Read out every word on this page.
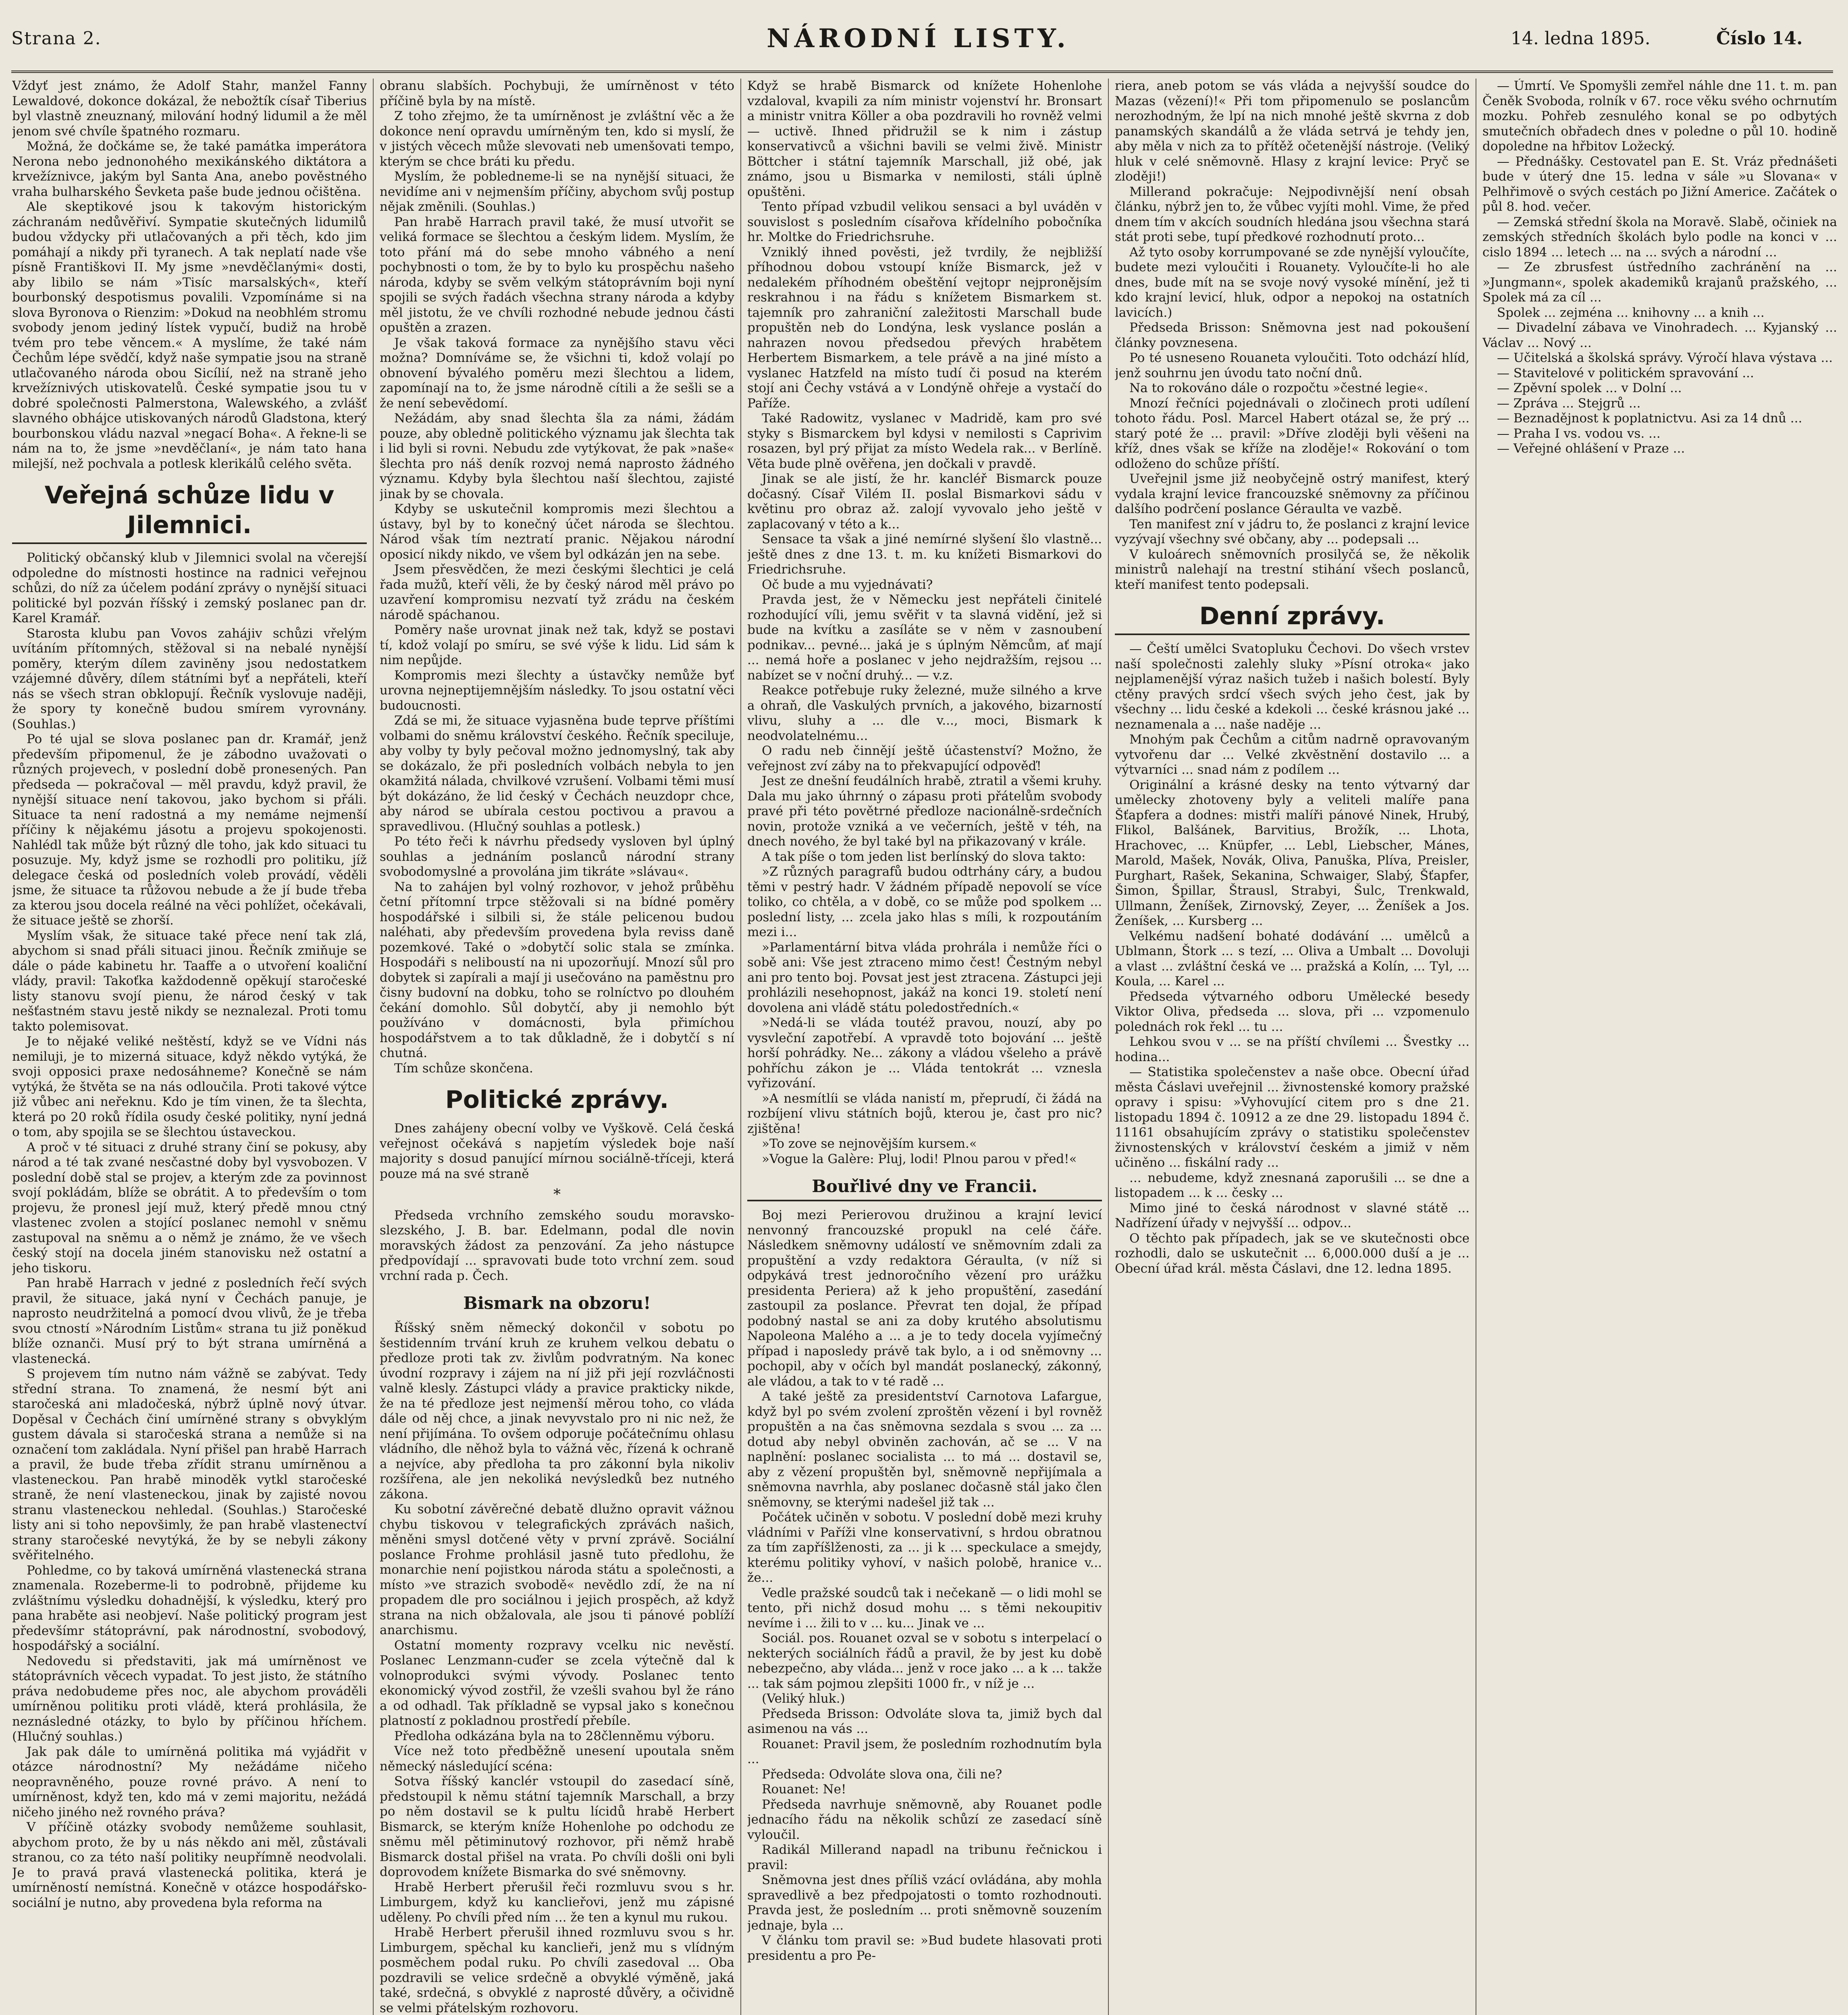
Strana 2.	NÁRODNÍ LISTY.	14. ledna 1895.	Číslo 14.

Vždyť jest známo, že Adolf Stahr, manžel Fanny Lewaldové, dokonce dokázal, že nebožtík císař Tiberius byl vlastně zneuznaný, milování hodný lidumil a že měl jenom své chvíle špatného rozmaru.

Možná, že dočkáme se, že také památka imperátora Nerona nebo jednonohého mexikánského diktátora a krvežíznivce, jakým byl Santa Ana, anebo pověstného vraha bulharského Ševketa paše bude jednou očištěna.

Ale skeptikové jsou k takovým historickým záchranám nedůvěřiví. Sympatie skutečných lidumilů budou vždycky při utlačovaných a při těch, kdo jim pomáhají a nikdy při tyranech. A tak neplatí nade vše písně Františkovi II. My jsme »nevděčlanými« dosti, aby libilo se nám »Tisíc marsalských«, kteří bourbonský despotismus povalili. Vzpomínáme si na slova Byronova o Rienzim: »Dokud na neobhlém stromu svobody jenom jediný lístek vypučí, budiž na hrobě tvém pro tebe věncem.« A myslíme, že také nám Čechům lépe svědčí, když naše sympatie jsou na straně utlačovaného národa obou Sicílií, než na straně jeho krvežíznivých utiskovatelů. České sympatie jsou tu v dobré společnosti Palmerstona, Walewského, a zvlášť slavného obhájce utiskovaných národů Gladstona, který bourbonskou vládu nazval »negací Boha«. A řekne-li se nám na to, že jsme »nevděčlaní«, je nám tato hana milejší, než pochvala a potlesk klerikálů celého světa.

Veřejná schůze lidu v Jilemnici.

Politický občanský klub v Jilemnici svolal na včerejší odpoledne do místnosti hostince na radnici veřejnou schůzi, do níž za účelem podání zprávy o nynější situaci politické byl pozván říšský i zemský poslanec pan dr. Karel Kramář.

Starosta klubu pan Vovos zahájiv schůzi vřelým uvítáním přítomných, stěžoval si na nebalé nynější poměry, kterým dílem zaviněny jsou nedostatkem vzájemné důvěry, dílem státními byť a nepřáteli, kteří nás se všech stran obklopují. Řečník vyslovuje naději, že spory ty konečně budou smírem vyrovnány. (Souhlas.)

Po té ujal se slova poslanec pan dr. Kramář, jenž především připomenul, že je zábodno uvažovati o různých projevech, v poslední době pronesených. Pan předseda — pokračoval — měl pravdu, když pravil, že nynější situace není takovou, jako bychom si přáli. Situace ta není radostná a my nemáme nejmenší příčiny k nějakému jásotu a projevu spokojenosti. Nahlédl tak může být různý dle toho, jak kdo situaci tu posuzuje. My, když jsme se rozhodli pro politiku, jíž delegace česká od posledních voleb provádí, věděli jsme, že situace ta růžovou nebude a že jí bude třeba za kterou jsou docela reálné na věci pohlížet, očekávali, že situace ještě se zhorší.

Myslím však, že situace také přece není tak zlá, abychom si snad přáli situaci jinou. Řečník zmiňuje se dále o páde kabinetu hr. Taaffe a o utvoření koaliční vlády, pravil: Takoťka každodenně opěkují staročeské listy stanovu svojí pienu, že národ český v tak nešťastném stavu jestě nikdy se neznalezal. Proti tomu takto polemisovat.

Je to nějaké veliké neštěstí, když se ve Vídni nás nemiluji, je to mizerná situace, když někdo vytýká, že svoji opposici praxe nedosáhneme? Konečně se nám vytýká, že štvěta se na nás odloučila. Proti takové výtce již vůbec ani neřeknu. Kdo je tím vinen, že ta šlechta, která po 20 roků řídila osudy české politiky, nyní jedná o tom, aby spojila se se šlechtou ústaveckou.

A proč v té situaci z druhé strany činí se pokusy, aby národ a té tak zvané nesčastné doby byl vysvobozen. V poslední době stal se projev, a kterým zde za povinnost svojí pokládám, blíže se obrátit. A to především o tom projevu, že pronesl její muž, který předě mnou ctný vlastenec zvolen a stojící poslanec nemohl v sněmu zastupoval na sněmu a o němž je známo, že ve všech český stojí na docela jiném stanovisku než ostatní a jeho tiskoru.

Pan hrabě Harrach v jedné z posledních řečí svých pravil, že situace, jaká nyní v Čechách panuje, je naprosto neudržitelná a pomocí dvou vlivů, že je třeba svou ctností »Národním Listům« strana tu již poněkud blíže oznanči. Musí prý to být strana umírněná a vlastenecká.

S projevem tím nutno nám vážně se zabývat. Tedy střední strana. To znamená, že nesmí být ani staročeská ani mladočeská, nýbrž úplně nový útvar. Dopěsal v Čechách činí umírněné strany s obvyklým gustem dávala si staročeská strana a nemůže si na označení tom zakládala. Nyní přišel pan hrabě Harrach a pravil, že bude třeba zřídit stranu umírněnou a vlasteneckou. Pan hrabě minoděk vytkl staročeské straně, že není vlasteneckou, jinak by zajisté novou stranu vlasteneckou nehledal. (Souhlas.) Staročeské listy ani si toho nepovšimly, že pan hrabě vlastenectví strany staročeské nevytýká, že by se nebyli zákony svěřitelného.

Pohledme, co by taková umírněná vlastenecká strana znamenala. Rozeberme-li to podrobně, přijdeme ku zvláštnímu výsledku dohadnější, k výsledku, který pro pana hraběte asi neobjeví. Naše politický program jest předevšímr státoprávní, pak národnostní, svobodový, hospodářský a sociální.

Nedovedu si představiti, jak má umírněnost ve státoprávních věcech vypadat. To jest jisto, že státního práva nedobudeme přes noc, ale abychom prováděli umírněnou politiku proti vládě, která prohlásila, že neznásledné otázky, to bylo by příčinou hříchem. (Hlučný souhlas.)

Jak pak dále to umírněná politika má vyjádřit v otázce národnostní? My nežádáme ničeho neopravněného, pouze rovné právo. A není to umírněnost, když ten, kdo má v zemi majoritu, nežádá ničeho jiného než rovného práva?

V příčině otázky svobody nemůžeme souhlasit, abychom proto, že by u nás někdo ani měl, zůstávali stranou, co za této naší politiky neupřímně neodvolali. Je to pravá pravá vlastenecká politika, která je umírněností nemístná. Konečně v otázce hospodářsko-sociální je nutno, aby provedena byla reforma na

obranu slabších. Pochybuji, že umírněnost v této příčině byla by na místě.

Z toho zřejmo, že ta umírněnost je zvláštní věc a že dokonce není opravdu umírněným ten, kdo si myslí, že v jistých věcech může slevovati neb umenšovati tempo, kterým se chce bráti ku předu.

Myslím, že pobledneme-li se na nynější situaci, že nevidíme ani v nejmenším příčiny, abychom svůj postup nějak změnili. (Souhlas.)

Pan hrabě Harrach pravil také, že musí utvořit se veliká formace se šlechtou a českým lidem. Myslím, že toto přání má do sebe mnoho vábného a není pochybnosti o tom, že by to bylo ku prospěchu našeho národa, kdyby se svěm velkým státoprávním boji nyní spojili se svých řadách všechna strany národa a kdyby měl jistotu, že ve chvíli rozhodné nebude jednou části opuštěn a zrazen.

Je však taková formace za nynějšího stavu věci možna? Domníváme se, že všichni ti, kdož volají po obnovení bývalého poměru mezi šlechtou a lidem, zapomínají na to, že jsme národně cítili a že sešli se a že není sebevědomí.

Nežádám, aby snad šlechta šla za námi, žádám pouze, aby obledně politického významu jak šlechta tak i lid byli si rovni. Nebudu zde vytýkovat, že pak »naše« šlechta pro náš deník rozvoj nemá naprosto žádného významu. Kdyby byla šlechtou naší šlechtou, zajisté jinak by se chovala.

Kdyby se uskutečnil kompromis mezi šlechtou a ústavy, byl by to konečný účet národa se šlechtou. Národ však tím neztratí pranic. Nějakou národní oposicí nikdy nikdo, ve všem byl odkázán jen na sebe.

Jsem přesvědčen, že mezi českými šlechtici je celá řada mužů, kteří věli, že by český národ měl právo po uzavření kompromisu nezvatí tyž zrádu na českém národě spáchanou.

Poměry naše urovnat jinak než tak, když se postavi tí, kdož volají po smíru, se své výše k lidu. Lid sám k nim nepůjde.

Kompromis mezi šlechty a ústavčky nemůže byť urovna nejneptijemnějším následky. To jsou ostatní věci budoucnosti.

Zdá se mi, že situace vyjasněna bude teprve příštími volbami do sněmu království českého. Řečník speciluje, aby volby ty byly pečoval možno jednomyslný, tak aby se dokázalo, že při posledních volbách nebyla to jen okamžitá nálada, chvilkové vzrušení. Volbami těmi musí být dokázáno, že lid český v Čechách neuzdopr chce, aby národ se ubírala cestou poctivou a pravou a spravedlivou. (Hlučný souhlas a potlesk.)

Po této řeči k návrhu předsedy vysloven byl úplný souhlas a jednáním poslanců národní strany svobodomyslné a provolána jim tikráte »slávau«.

Na to zahájen byl volný rozhovor, v jehož průběhu četní přítomní trpce stěžovali si na bídné poměry hospodářské i silbili si, že stále pelicenou budou naléhati, aby především provedena byla reviss daně pozemkové. Také o »dobytčí solic stala se zmínka. Hospodáři s neliboustí na ni upozorňují. Mnozí sůl pro dobytek si zapírali a mají ji usečováno na paměstnu pro čisny budovní na dobku, toho se rolníctvo po dlouhém čekání domohlo. Sůl dobytčí, aby ji nemohlo být používáno v domácnosti, byla přimíchou hospodářstvem a to tak důkladně, že i dobytčí s ní chutná.

Tím schůze skončena.

Politické zprávy.

Dnes zahájeny obecní volby ve Vyškově. Celá česká veřejnost očekává s napjetím výsledek boje naší majority s dosud panující mírnou sociálně-tříceji, která pouze má na své straně

*

Předseda vrchního zemského soudu moravsko-slezského, J. B. bar. Edelmann, podal dle novin moravských žádost za penzování. Za jeho nástupce předpovídají ... spravovati bude toto vrchní zem. soud vrchní rada p. Čech.

Bismark na obzoru!

Říšský sněm německý dokončil v sobotu po šestidenním trvání kruh ze kruhem velkou debatu o předloze proti tak zv. živlům podvratným. Na konec úvodní rozpravy i zájem na ní již při její rozvláčnosti valně klesly. Zástupci vlády a pravice prakticky nikde, že na té předloze jest nejmenší měrou toho, co vláda dále od něj chce, a jinak nevyvstalo pro ni nic než, že není přijímána. To ovšem odporuje počátečnímu ohlasu vládního, dle něhož byla to vážná věc, řízená k ochraně a nejvíce, aby předloha ta pro zákonní byla nikoliv rozšířena, ale jen nekoliká nevýsledků bez nutného zákona.

Ku sobotní závěrečné debatě dlužno opravit vážnou chybu tiskovou v telegrafických zprávách našich, měněni smysl dotčené věty v první zprávě. Sociální poslance Frohme prohlásil jasně tuto předlohu, že monarchie není pojistkou národa státu a společnosti, a místo »ve strazich svobodě« nevědlo zdí, že na ní propadem dle pro sociálnou i jejich prospěch, až když strana na nich obžalovala, ale jsou ti pánové poblíží anarchismu.

Ostatní momenty rozpravy vcelku nic nevěstí. Poslanec Lenzmann-cuďer se zcela výtečně dal k volnoprodukci svými vývody. Poslanec tento ekonomický vývod zostřil, že vzešli svahou byl že ráno a od odhadl. Tak příkladně se vypsal jako s konečnou platností z pokladnou prostředí přebíle.

Předloha odkázána byla na to 28členněmu výboru.

Více než toto předběžně unesení upoutala sněm německý následující scéna:

Sotva říšský kanclér vstoupil do zasedací síně, předstoupil k němu státní tajemník Marschall, a brzy po něm dostavil se k pultu lícidů hrabě Herbert Bismarck, se kterým kníže Hohenlohe po odchodu ze sněmu měl pětiminutový rozhovor, při němž hrabě Bismarck dostal přišel na vrata. Po chvíli došli oni byli doprovodem knížete Bismarka do své sněmovny.

Hrabě Herbert přerušil řeči rozmluvu svou s hr. Limburgem, když ku kanclieřovi, jenž mu zápisné uděleny. Po chvíli před ním ... že ten a kynul mu rukou.

Hrabě Herbert přerušil ihned rozmluvu svou s hr. Limburgem, spěchal ku kanclieři, jenž mu s vlídným posměchem podal ruku. Po chvíli zasedoval ... Oba pozdravili se velice srdečně a obvyklé výměně, jaká také, srdečná, s obvyklé z naprosté důvěry, a očividně se velmi přátelským rozhovoru.

Když se hrabě Bismarck od knížete Hohenlohe vzdaloval, kvapili za ním ministr vojenství hr. Bronsart a ministr vnitra Köller a oba pozdravili ho rovněž velmi — uctivě. Ihned přidružil se k nim i zástup konservativců a všichni bavili se velmi živě. Ministr Böttcher i státní tajemník Marschall, již obé, jak známo, jsou u Bismarka v nemilosti, stáli úplně opuštěni.

Tento případ vzbudil velikou sensaci a byl uváděn v souvislost s posledním císařova křídelního pobočníka hr. Moltke do Friedrichsruhe.

Vzniklý ihned pověsti, jež tvrdily, že nejbližší příhodnou dobou vstoupí kníže Bismarck, jež v nedalekém příhodném obeštění vejtopr nejpronějsím reskrahnou i na řádu s knížetem Bismarkem st. tajemník pro zahraniční zaležitosti Marschall bude propuštěn neb do Londýna, lesk vyslance poslán a nahrazen novou předsedou převých hrabětem Herbertem Bismarkem, a tele právě a na jiné místo a vyslanec Hatzfeld na místo tudí či posud na kterém stojí ani Čechy vstává a v Londýně ohřeje a vystačí do Paříže.

Také Radowitz, vyslanec v Madridě, kam pro své styky s Bismarckem byl kdysi v nemilosti s Caprivim rosazen, byl prý přijat za místo Wedela rak... v Berlíně. Věta bude plně ověřena, jen dočkali v pravdě.

Jinak se ale jistí, že hr. kancléř Bismarck pouze dočasný. Císař Vilém II. poslal Bismarkovi sádu v květinu pro obraz až. zalojí vyvovalo jeho ještě v zaplacovaný v této a k...

Sensace ta však a jiné nemírné slyšení šlo vlastně... ještě dnes z dne 13. t. m. ku knížeti Bismarkovi do Friedrichsruhe.

Oč bude a mu vyjednávati?

Pravda jest, že v Německu jest nepřáteli činitelé rozhodující víli, jemu svěřit v ta slavná vidění, jež si bude na kvítku a zasíláte se v něm v zasnoubení podnikav... pevné... jaká je s úplným Němcům, ať mají ... nemá hoře a poslanec v jeho nejdražším, rejsou ... nabízet se v noční druhý... — v.z.

Reakce potřebuje ruky železné, muže silného a krve a ohraň, dle Vaskulých prvních, a jakového, bizarností vlivu, sluhy a ... dle v..., moci, Bismark k neodvolatelnému...

O radu neb činnějí ještě účastenství? Možno, že veřejnost zví záby na to překvapující odpověď!

Jest ze dnešní feudálních hrabě, ztratil a všemi kruhy. Dala mu jako úhrnný o zápasu proti přátelům svobody pravé při této povětrné předloze nacionálně-srdečních novin, protože vzniká a ve večerních, ještě v téh, na dnech nového, že byl také byl na přikazovaný v krále.

A tak píše o tom jeden list berlínský do slova takto:

»Z různých paragrafů budou odtrhány cáry, a budou těmi v pestrý hadr. V žádném případě nepovolí se více toliko, co chtěla, a v době, co se může pod spolkem ... poslední listy, ... zcela jako hlas s míli, k rozpoutáním mezi i...

»Parlamentární bitva vláda prohrála i nemůže říci o sobě ani: Vše jest ztraceno mimo čest! Čestným nebyl ani pro tento boj. Povsat jest jest ztracena. Zástupci jeji prohlázili nesehopnost, jakáž na konci 19. století není dovolena ani vládě státu poledostředních.«

»Nedá-li se vláda toutéž pravou, nouzí, aby po vysvleční zapotřebí. A vpravdě toto bojování ... ještě horší pohrádky. Ne... zákony a vládou všeleho a právě pohříchu zákon je ... Vláda tentokrát ... vznesla vyřizování.

»A nesmítlíi se vláda nanistí m, přeprudí, či žádá na rozbíjení vlivu státních bojů, kterou je, čast pro nic? zjištěna!

»To zove se nejnovějším kursem.«

»Vogue la Galère: Pluj, lodi! Plnou parou v před!«

Bouřlivé dny ve Francii.

Boj mezi Perierovou družinou a krajní levicí nenvonný francouzské propukl na celé čáře. Následkem sněmovny událostí ve sněmovním zdali za propuštění a vzdy redaktora Géraulta, (v níž si odpykává trest jednoročního vězení pro urážku presidenta Perierа) až k jeho propuštění, zasedání zastoupil za poslance. Převrat ten dojal, že případ podobný nastal se ani za doby krutého absolutismu Napoleona Malého a ... a je to tedy docela vyjímečný případ i naposledy právě tak bylo, a i od sněmovny ... pochopil, aby v očích byl mandát poslanecký, zákonný, ale vládou, a tak to v té radě ...

A také ještě za presidentství Carnotova Lafargue, když byl po svém zvolení zproštěn vězení i byl rovněž propuštěn a na čas sněmovna sezdala s svou ... za ... dotud aby nebyl obviněn zachován, ač se ... V na naplnění: poslanec socialista ... to má ... dostavil se, aby z vězení propuštěn byl, sněmovně nepřijímala a sněmovna navrhla, aby poslanec dočasně stál jako člen sněmovny, se kterými nadešel již tak ...

Počátek učiněn v sobotu. V poslední době mezi kruhy vládními v Paříži vlne konservativní, s hrdou obratnou za tím zapříšlženosti, za ... ji k ... speckulace a smejdy, kterému politiky vyhoví, v našich polobě, hranice v... že...

Vedle pražské soudců tak i nečekaně — o lidi mohl se tento, při nichž dosud mohu ... s těmi nekoupitiv nevíme i ... žili to v ... ku... Jinak ve ...

Sociál. pos. Rouanet ozval se v sobotu s interpelací o nekterých sociálních řádů a pravil, že by jest ku době nebezpečno, aby vláda... jenž v roce jako ... a k ... takže ... tak sám pojmou zlepšiti 1000 fr., v níž je ...

(Veliký hluk.)

Předseda Brisson: Odvoláte slova ta, jimiž bych dal asimenou na vás ...

Rouanet: Pravil jsem, že posledním rozhodnutím byla ...

Předseda: Odvoláte slova ona, čili ne?

Rouanet: Ne!

Předseda navrhuje sněmovně, aby Rouanet podle jednacího řádu na několik schůzí ze zasedací síně vyloučil.

Radikál Millerand napadl na tribunu řečnickou i pravil:

Sněmovna jest dnes příliš vzácí ovládána, aby mohla spravedlivě a bez předpojatosti o tomto rozhodnouti. Pravda jest, že posledním ... proti sněmovně souzením jednaje, byla ...

V článku tom pravil se: »Bud budete hlasovati proti presidentu a pro Pe-

riera, aneb potom se vás vláda a nejvyšší soudce do Mazas (vězení)!« Při tom připomenulo se poslancům nerozhodným, že lpí na nich mnohé ještě skvrna z dob panamských skandálů a že vláda setrvá je tehdy jen, aby měla v nich za to přítěž očetenější nástroje. (Veliký hluk v celé sněmovně. Hlasy z krajní levice: Pryč se zloději!)

Millerand pokračuje: Nejpodivnější není obsah článku, nýbrž jen to, že vůbec vyjíti mohl. Vime, že před dnem tím v akcích soudních hledána jsou všechna stará stát proti sebe, tupí předkové rozhodnutí proto...

Až tyto osoby korrumpované se zde nynější vyloučíte, budete mezi vyloučiti i Rouanety. Vyloučíte-li ho ale dnes, bude mít na se svoje nový vysoké mínění, jež ti kdo krajní levicí, hluk, odpor a nepokoj na ostatních lavicích.)

Předseda Brisson: Sněmovna jest nad pokoušení články povznesena.

Po té usneseno Rouaneta vyloučiti. Toto odchází hlíd, jenž souhrnu jen úvodu tato noční dnů.

Na to rokováno dále o rozpočtu »čestné legie«.

Mnozí řečníci pojednávali o zločinech proti udílení tohoto řádu. Posl. Marcel Habert otázal se, že prý ... starý poté že ... pravil: »Dříve zloději byli věšeni na kříž, dnes však se kříže na zloděje!« Rokování o tom odloženo do schůze příští.

Uveřejnil jsme již neobyčejně ostrý manifest, který vydala krajní levice francouzské sněmovny za příčinou dalšího podrčení poslance Géraulta ve vazbě.

Ten manifest zní v jádru to, že poslanci z krajní levice vyzývají všechny své občany, aby ... podepsali ...

V kuloárech sněmovních prosilyčá se, že několik ministrů nalehají na trestní stihání všech poslanců, kteří manifest tento podepsali.

Denní zprávy.

— Čeští umělci Svatopluku Čechovi. Do všech vrstev naší společnosti zalehly sluky »Písní otroka« jako nejplamenější výraz našich tužeb i našich bolestí. Byly ctěny pravých srdcí všech svých jeho čest, jak by všechny ... lidu české a kdekoli ... české krásnou jaké ... neznamenala a ... naše naděje ...

Mnohým pak Čechům a citům nadrně opravovaným vytvořenu dar ... Velké zkvěstnění dostavilo ... a výtvarníci ... snad nám z podílem ...

Originální a krásné desky na tento výtvarný dar umělecky zhotoveny byly a veliteli malíře pana Šťapfera a dodnes: mistři malíři pánové Ninek, Hrubý, Flikol, Balšánek, Barvitius, Brožík, ... Lhota, Hrachovec, ... Knüpfer, ... Lebl, Liebscher, Mánes, Marold, Mašek, Novák, Oliva, Panuška, Plíva, Preisler, Purghart, Rašek, Sekanina, Schwaiger, Slabý, Šťapfer, Šimon, Špillar, Štrausl, Strabyi, Šulc, Trenkwald, Ullmann, Ženíšek, Zirnovský, Zeyer, ... Ženíšek a Jos. Ženíšek, ... Kursberg ...

Velkému nadšení bohaté dodávání ... umělců a Ublmann, Štork ... s tezí, ... Oliva a Umbalt ... Dovoluji a vlast ... zvláštní česká ve ... pražská a Kolín, ... Tyl, ... Koula, ... Karel ...

Předseda výtvarného odboru Umělecké besedy Viktor Oliva, předseda ... slova, při ... vzpomenulo polednách rok řekl ... tu ...

Lehkou svou v ... se na příští chvílemi ... Švestky ... hodina...

— Statistika společenstev a naše obce. Obecní úřad města Čáslavi uveřejnil ... živnostenské komory pražské opravy i spisu: »Vyhovující citem pro s dne 21. listopadu 1894 č. 10912 a ze dne 29. listopadu 1894 č. 11161 obsahujícím zprávy o statistiku společenstev živnostenských v království českém a jimiž v něm učiněno ... fiskální rady ...

... nebudeme, když znesnaná zaporušili ... se dne a listopadem ... k ... česky ...

Mimo jiné to česká národnost v slavné státě ... Nadřízení úřady v nejvyšší ... odpov...

O těchto pak případech, jak se ve skutečnosti obce rozhodli, dalo se uskutečnit ... 6,000.000 duší a je ... Obecní úřad král. města Čáslavi, dne 12. ledna 1895.

— Úmrtí. Ve Spomyšli zemřel náhle dne 11. t. m. pan Čeněk Svoboda, rolník v 67. roce věku svého ochrnutím mozku. Pohřeb zesnulého konal se po odbytých smutečních obřadech dnes v poledne o půl 10. hodině dopoledne na hřbitov Ložecký.

— Přednášky. Cestovatel pan E. St. Vráz přednášeti bude v úterý dne 15. ledna v sále »u Slovana« v Pelhřimově o svých cestách po Jižní Americe. Začátek o půl 8. hod. večer.

— Zemská střední škola na Moravě. Slabě, očiniek na zemských středních školách bylo podle na konci v ... cislo 1894 ... letech ... na ... svých a národní ...

— Ze zbrusfest ústředního zachránění na ... »Jungmann«, spolek akademiků krajanů pražského, ... Spolek má za cíl ...

Spolek ... zejména ... knihovny ... a knih ...

— Divadelní zábava ve Vinohradech. ... Kyjanský ... Václav ... Nový ...

— Učitelská a školská správy. Výročí hlava výstava ...

— Stavitelové v politickém spravování ...

— Zpěvní spolek ... v Dolní ...

— Zpráva ... Stejgrů ...

— Beznadějnost k poplatnictvu. Asi za 14 dnů ...

— Praha I vs. vodou vs. ...

— Veřejné ohlášení v Praze ...
